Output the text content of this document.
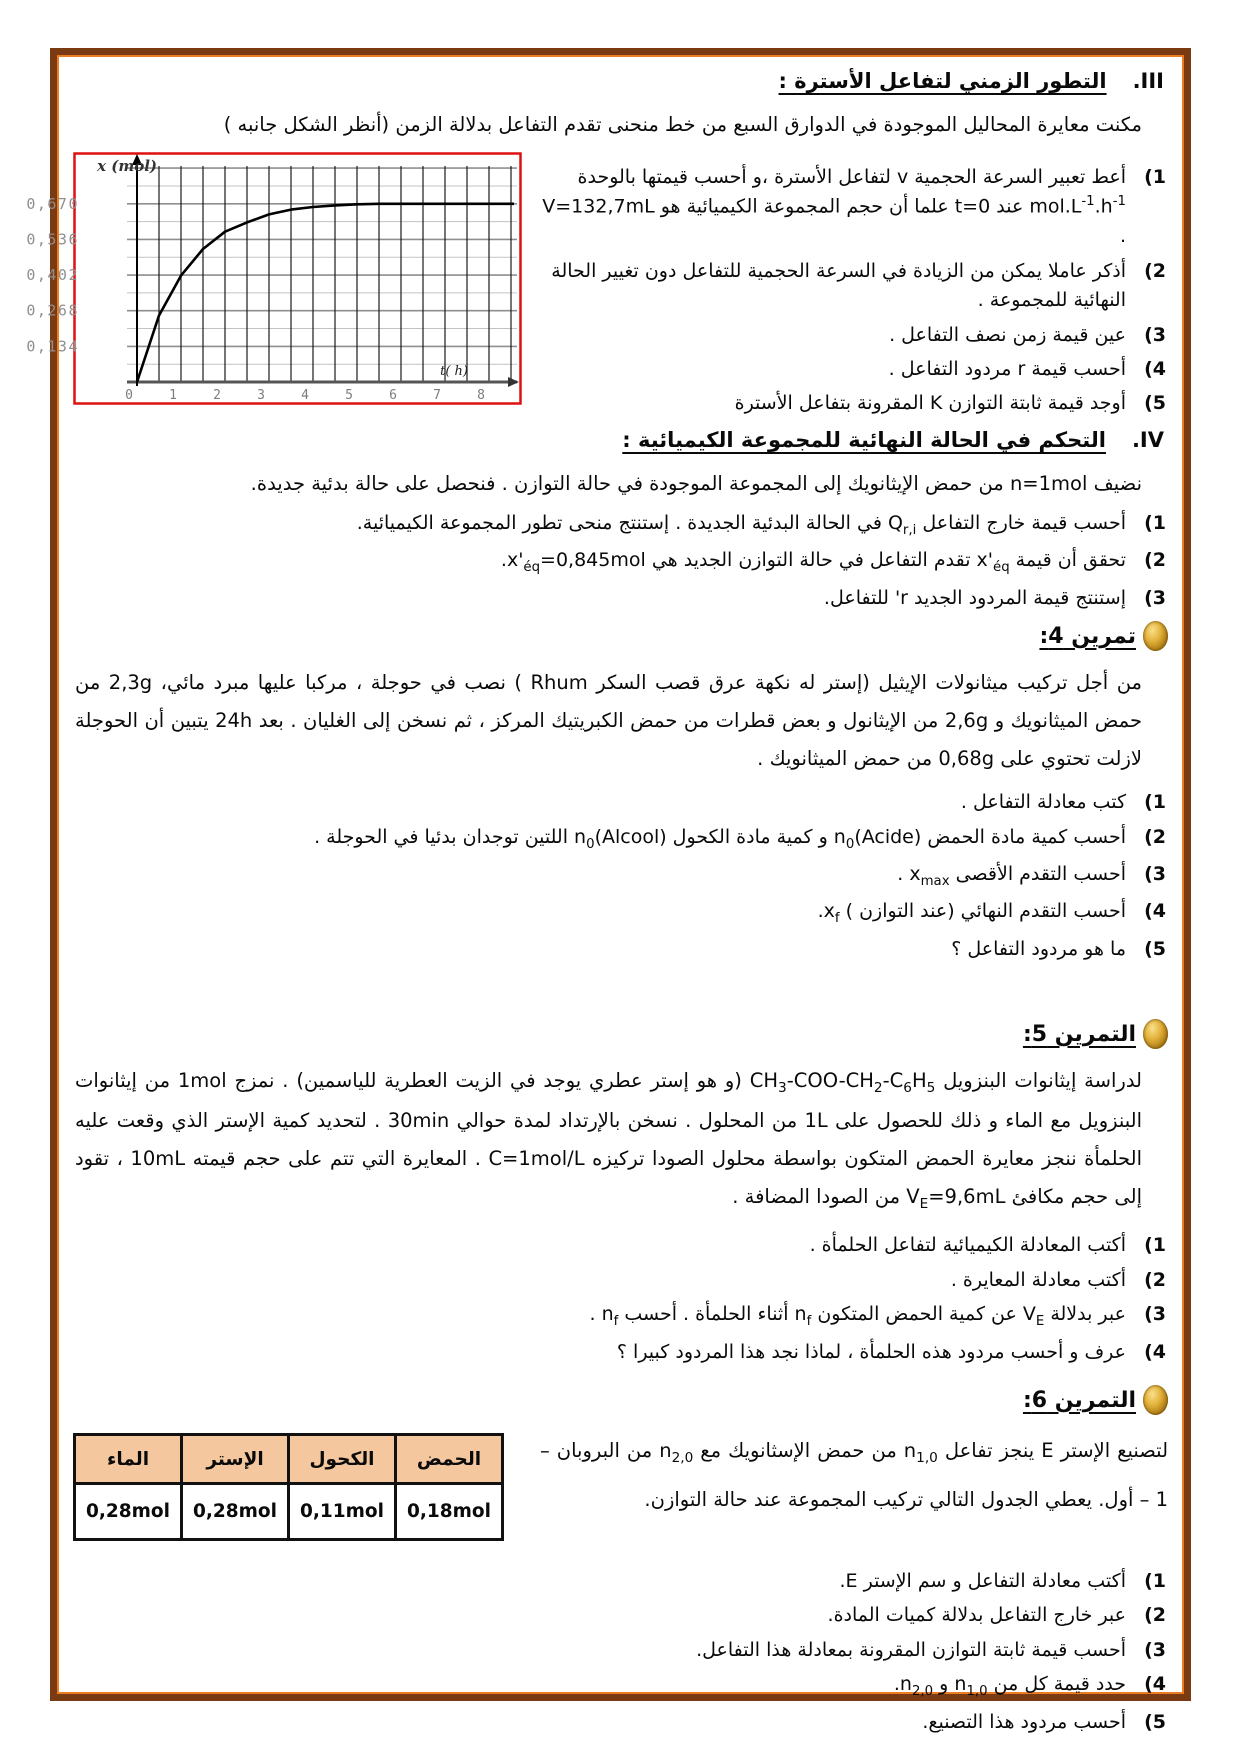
III.
التطور الزمني لتفاعل الأسترة :

مكنت معايرة المحاليل الموجودة في الدوارق السبع من خط منحنى تقدم التفاعل بدلالة الزمن (أنظر الشكل جانبه )

1)
أعط تعبير السرعة الحجمية v لتفاعل الأسترة ،و أحسب قيمتها بالوحدة $mol.L^{-1}.h^{-1}$ عند t=0 علما أن حجم المجموعة الكيميائية هو V=132,7mL .
2)
أذكر عاملا يمكن من الزيادة في السرعة الحجمية للتفاعل دون تغيير الحالة النهائية للمجموعة .
3)
عين قيمة زمن نصف التفاعل .
4)
أحسب قيمة r مردود التفاعل .
5)
أوجد قيمة ثابتة التوازن K المقرونة بتفاعل الأسترة
0,670
0,536
0,402
0,268
0,134
0	1	2	3	4	5	6	7	8
x (mol)
t( h)
IV.
التحكم في الحالة النهائية للمجموعة الكيميائية :

نضيف n=1mol من حمض الإيثانويك إلى المجموعة الموجودة في حالة التوازن . فنحصل على حالة بدئية جديدة.

1)
أحسب قيمة خارج التفاعل $Q_{r,i}$ في الحالة البدئية الجديدة . إستنتج منحى تطور المجموعة الكيميائية.
2)
تحقق أن قيمة $x'_{éq}$ تقدم التفاعل في حالة التوازن الجديد هي $x'_{éq}=0,845mol$.
3)
إستنتج قيمة المردود الجديد r' للتفاعل.
تمرين 4:

من أجل تركيب ميثانولات الإيثيل (إستر له نكهة عرق قصب السكر Rhum ) نصب في حوجلة ، مركبا عليها مبرد مائي، 2,3g من حمض الميثانويك و 2,6g من الإيثانول و بعض قطرات من حمض الكبريتيك المركز ، ثم نسخن إلى الغليان . بعد 24h يتبين أن الحوجلة لازلت تحتوي على 0,68g من حمض الميثانويك .

1)
كتب معادلة التفاعل .
2)
أحسب كمية مادة الحمض $n_0(Acide)$ و كمية مادة الكحول $n_0(Alcool)$ اللتين توجدان بدئيا في الحوجلة .
3)
أحسب التقدم الأقصى $x_{max}$ .
4)
أحسب التقدم النهائي (عند التوازن ) $x_f$.
5)
ما هو مردود التفاعل ؟
التمرين 5:

لدراسة إيثانوات البنزويل $CH_3-COO-CH_2-C_6H_5$ (و هو إستر عطري يوجد في الزيت العطرية للياسمين) . نمزج 1mol من إيثانوات البنزويل مع الماء و ذلك للحصول على 1L من المحلول . نسخن بالإرتداد لمدة حوالي 30min . لتحديد كمية الإستر الذي وقعت عليه الحلمأة ننجز معايرة الحمض المتكون بواسطة محلول الصودا تركيزه C=1mol/L . المعايرة التي تتم على حجم قيمته 10mL ، تقود إلى حجم مكافئ $V_E=9,6mL$ من الصودا المضافة .

1)
أكتب المعادلة الكيميائية لتفاعل الحلمأة .
2)
أكتب معادلة المعايرة .
3)
عبر بدلالة $V_E$ عن كمية الحمض المتكون $n_f$ أثناء الحلمأة . أحسب $n_f$ .
4)
عرف و أحسب مردود هذه الحلمأة ، لماذا نجد هذا المردود كبيرا ؟
التمرين 6:
لتصنيع الإستر E ينجز تفاعل $n_{1,0}$ من حمض الإسثانويك مع $n_{2,0}$ من البروبان – 1 – أول. يعطي الجدول التالي تركيب المجموعة عند حالة التوازن.
الحمض	الكحول	الإستر	الماء
0,18mol	0,11mol	0,28mol	0,28mol
1)
أكتب معادلة التفاعل و سم الإستر E.
2)
عبر خارج التفاعل بدلالة كميات المادة.
3)
أحسب قيمة ثابتة التوازن المقرونة بمعادلة هذا التفاعل.
4)
حدد قيمة كل من $n_{1,0}$ و $n_{2,0}$.
5)
أحسب مردود هذا التصنيع.
